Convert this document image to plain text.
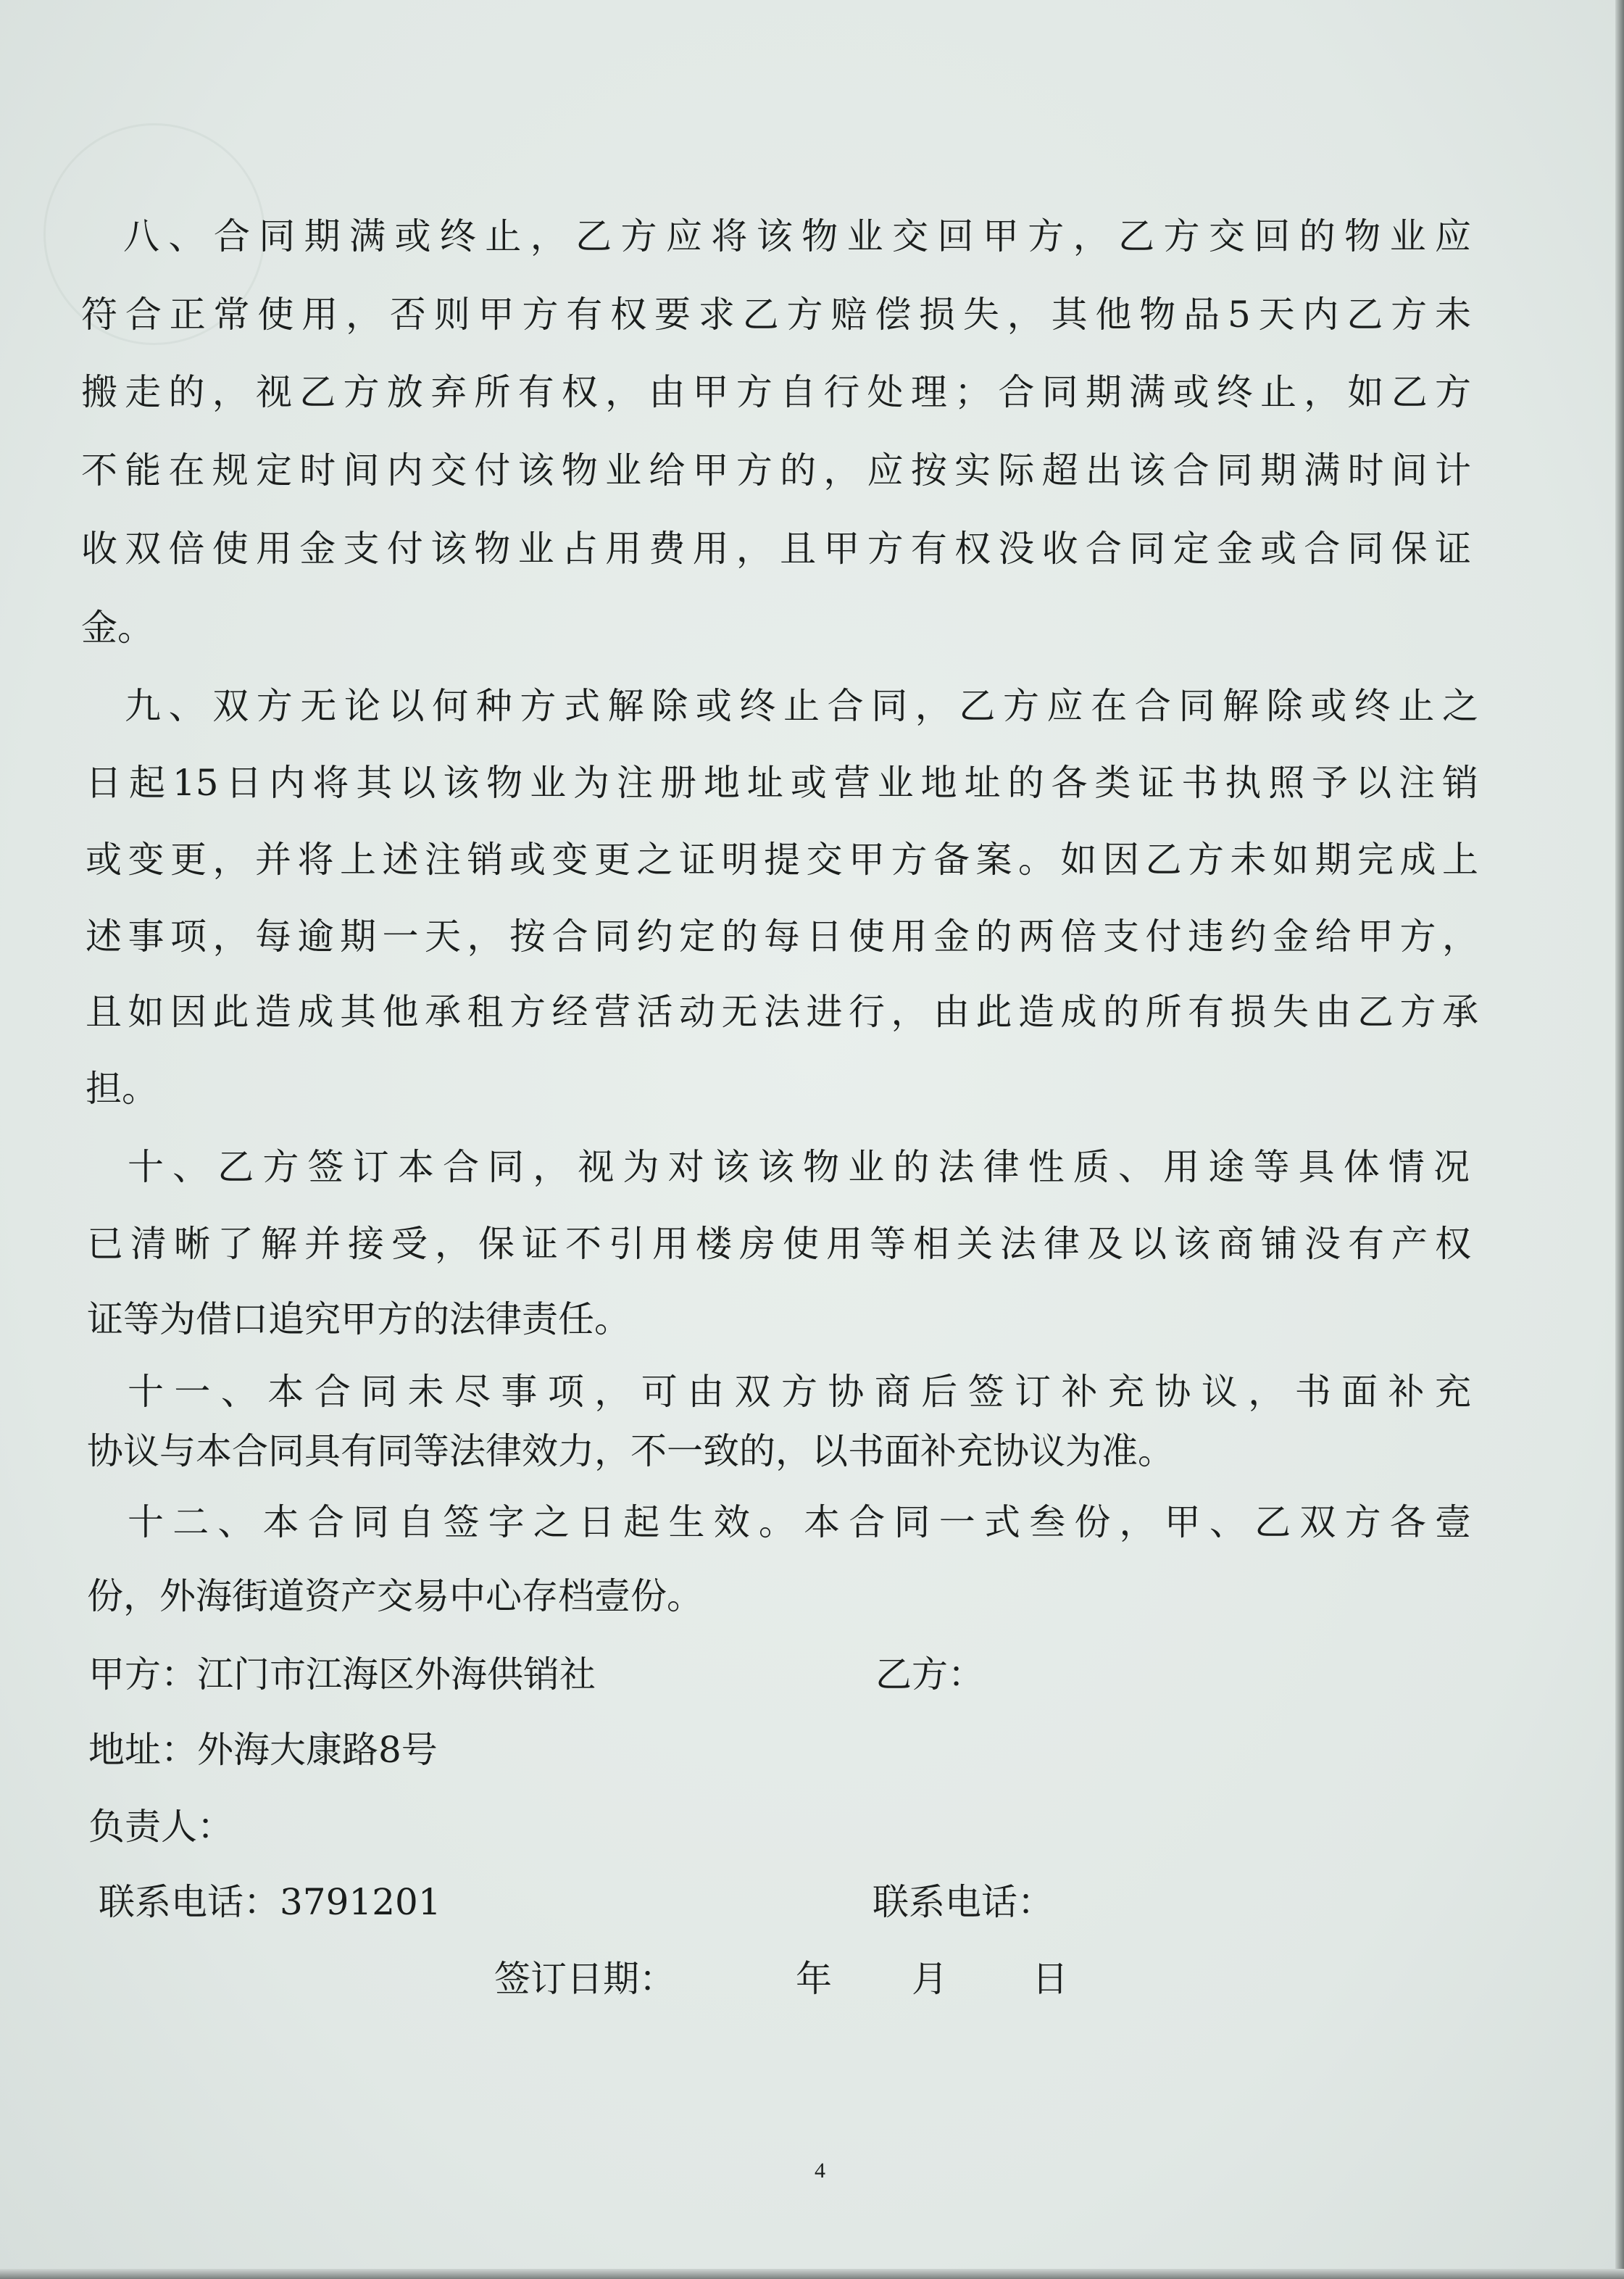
八、合同期满或终止，乙方应将该物业交回甲方，乙方交回的物业应
符合正常使用，否则甲方有权要求乙方赔偿损失，其他物品5天内乙方未
搬走的，视乙方放弃所有权，由甲方自行处理；合同期满或终止，如乙方
不能在规定时间内交付该物业给甲方的，应按实际超出该合同期满时间计
收双倍使用金支付该物业占用费用，且甲方有权没收合同定金或合同保证
金。
九、双方无论以何种方式解除或终止合同，乙方应在合同解除或终止之
日起15日内将其以该物业为注册地址或营业地址的各类证书执照予以注销
或变更，并将上述注销或变更之证明提交甲方备案。如因乙方未如期完成上
述事项，每逾期一天，按合同约定的每日使用金的两倍支付违约金给甲方，
且如因此造成其他承租方经营活动无法进行，由此造成的所有损失由乙方承
担。
十、乙方签订本合同，视为对该该物业的法律性质、用途等具体情况
已清晰了解并接受，保证不引用楼房使用等相关法律及以该商铺没有产权
证等为借口追究甲方的法律责任。
十一、本合同未尽事项，可由双方协商后签订补充协议，书面补充
协议与本合同具有同等法律效力，不一致的，以书面补充协议为准。
十二、本合同自签字之日起生效。本合同一式叁份，甲、乙双方各壹
份，外海街道资产交易中心存档壹份。
甲方：江门市江海区外海供销社	乙方：
地址：外海大康路8号
负责人：
联系电话：3791201	联系电话：
签订日期：	年 月 日
4
